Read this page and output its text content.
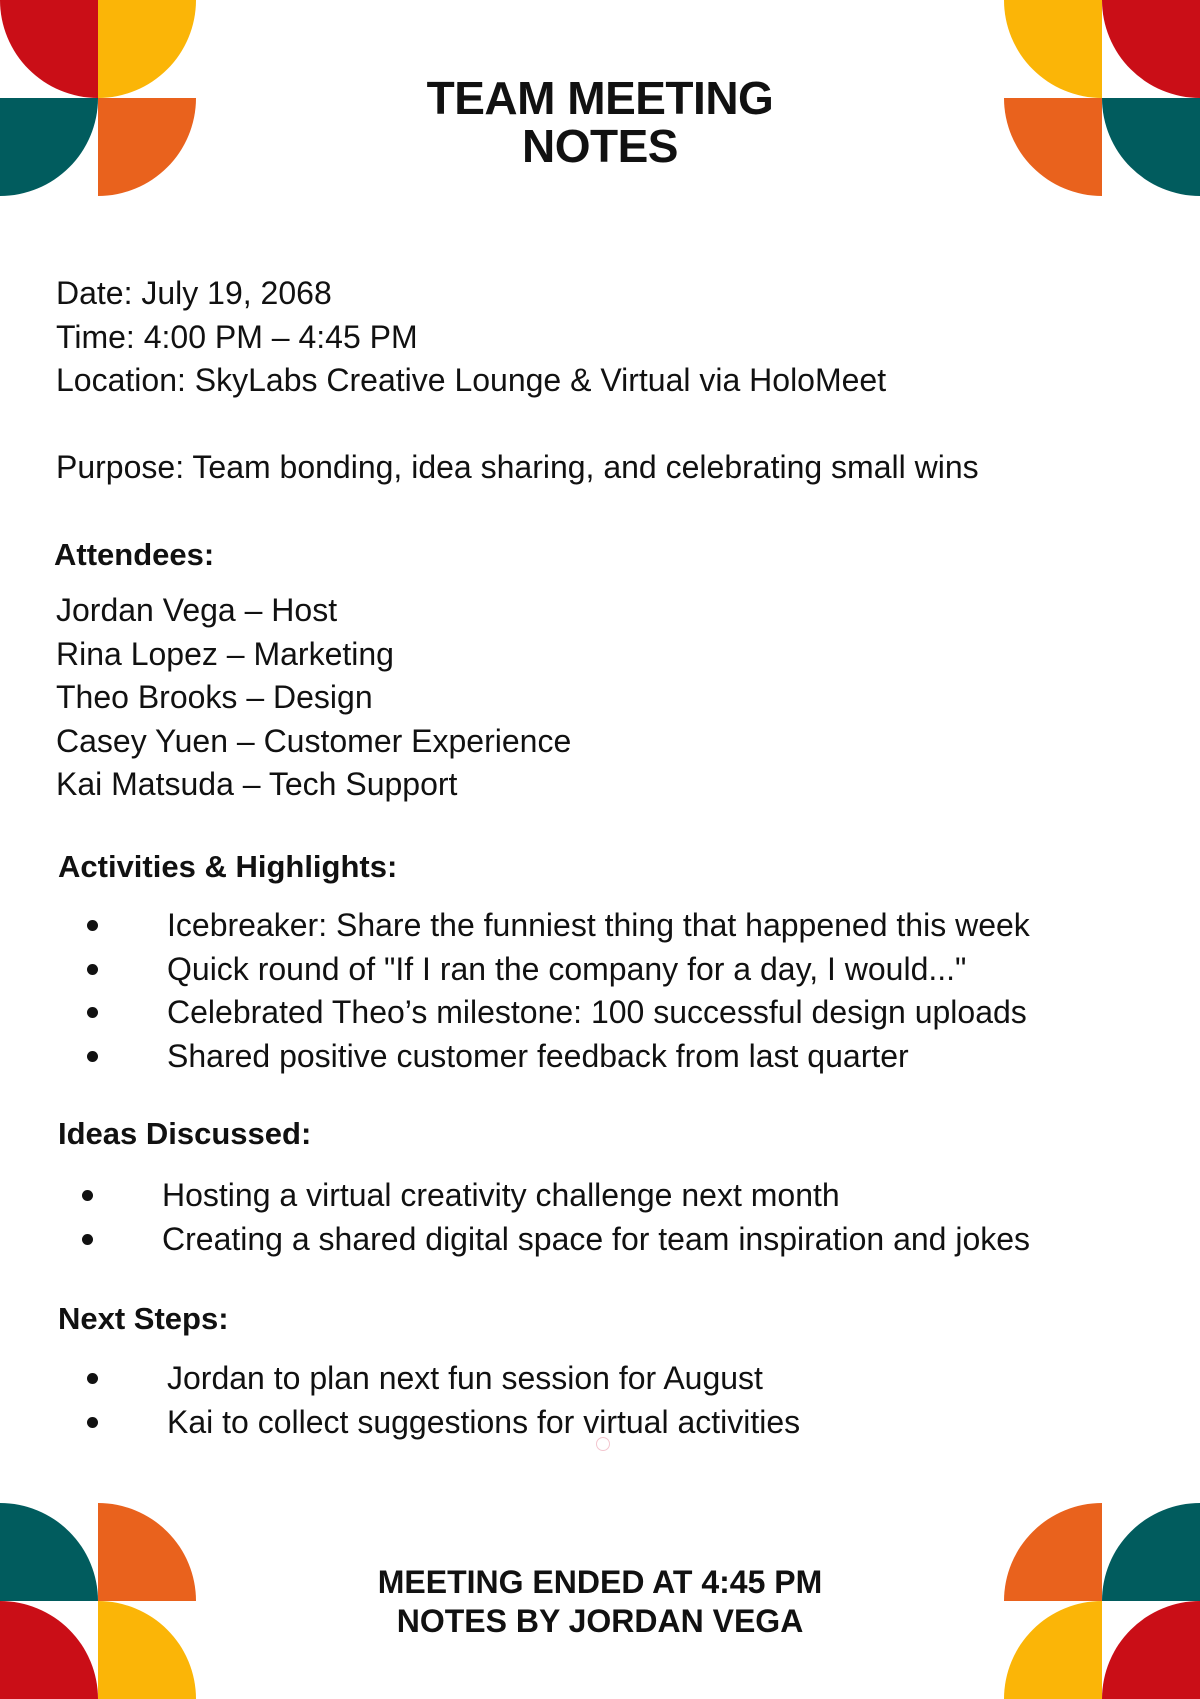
TEAM MEETING
NOTES
Date: July 19, 2068
Time: 4:00 PM – 4:45 PM
Location: SkyLabs Creative Lounge & Virtual via HoloMeet
Purpose: Team bonding, idea sharing, and celebrating small wins
Attendees:
Jordan Vega – Host
Rina Lopez – Marketing
Theo Brooks – Design
Casey Yuen – Customer Experience
Kai Matsuda – Tech Support
Activities & Highlights:
Icebreaker: Share the funniest thing that happened this week
Quick round of "If I ran the company for a day, I would..."
Celebrated Theo’s milestone: 100 successful design uploads
Shared positive customer feedback from last quarter
Ideas Discussed:
Hosting a virtual creativity challenge next month
Creating a shared digital space for team inspiration and jokes
Next Steps:
Jordan to plan next fun session for August
Kai to collect suggestions for virtual activities
MEETING ENDED AT 4:45 PM
NOTES BY JORDAN VEGA
